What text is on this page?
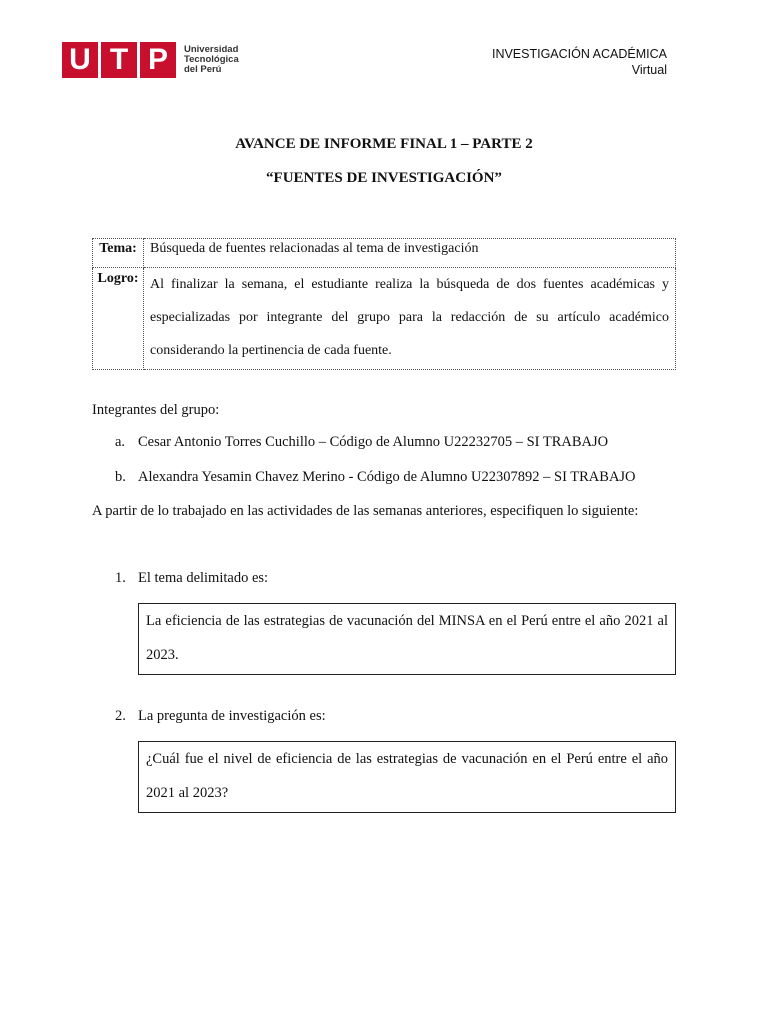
U T P	Universidad
Tecnológica
del Perú
INVESTIGACIÓN ACADÉMICA
Virtual
AVANCE DE INFORME FINAL 1 – PARTE 2
“FUENTES DE INVESTIGACIÓN”
Tema:	Búsqueda de fuentes relacionadas al tema de investigación
Logro:	Al finalizar la semana, el estudiante realiza la búsqueda de dos fuentes académicas y especializadas por integrante del grupo para la redacción de su artículo académico considerando la pertinencia de cada fuente.
Integrantes del grupo:
a. Cesar Antonio Torres Cuchillo – Código de Alumno U22232705 – SI TRABAJO
b. Alexandra Yesamin Chavez Merino - Código de Alumno U22307892 – SI TRABAJO
A partir de lo trabajado en las actividades de las semanas anteriores, especifiquen lo siguiente:
1. El tema delimitado es:
La eficiencia de las estrategias de vacunación del MINSA en el Perú entre el año 2021 al 2023.
2. La pregunta de investigación es:
¿Cuál fue el nivel de eficiencia de las estrategias de vacunación en el Perú entre el año 2021 al 2023?
